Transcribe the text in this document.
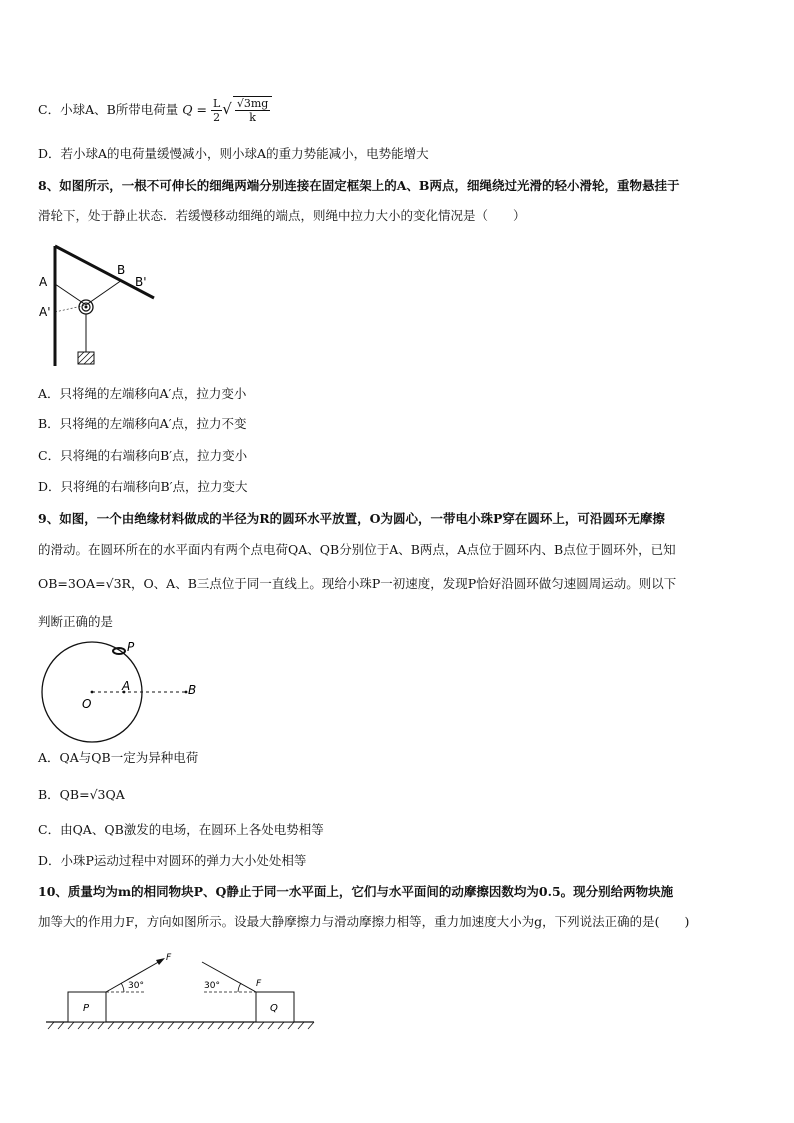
C．小球A、B所带电荷量 $Q = \frac{L}{2}$ √ $\frac{√3mg}{k}$
D．若小球A的电荷量缓慢减小，则小球A的重力势能减小，电势能增大
8、如图所示，一根不可伸长的细绳两端分别连接在固定框架上的A、B两点，细绳绕过光滑的轻小滑轮，重物悬挂于
滑轮下，处于静止状态．若缓慢移动细绳的端点，则绳中拉力大小的变化情况是（　　）
A
A'
B
B'
A．只将绳的左端移向A′点，拉力变小
B．只将绳的左端移向A′点，拉力不变
C．只将绳的右端移向B′点，拉力变小
D．只将绳的右端移向B′点，拉力变大
9、如图，一个由绝缘材料做成的半径为R的圆环水平放置，O为圆心，一带电小珠P穿在圆环上，可沿圆环无摩擦
的滑动。在圆环所在的水平面内有两个点电荷QA、QB分别位于A、B两点，A点位于圆环内、B点位于圆环外，已知
OB=3OA=√3R，O、A、B三点位于同一直线上。现给小珠P一初速度，发现P恰好沿圆环做匀速圆周运动。则以下
判断正确的是
P
A	B
O
A．QA与QB一定为异种电荷
B．QB=√3QA
C．由QA、QB激发的电场，在圆环上各处电势相等
D．小珠P运动过程中对圆环的弹力大小处处相等
10、质量均为m的相同物块P、Q静止于同一水平面上，它们与水平面间的动摩擦因数均为0.5。现分别给两物块施
加等大的作用力F，方向如图所示。设最大静摩擦力与滑动摩擦力相等，重力加速度大小为g，下列说法正确的是(　　)
P
F
30°
Q
F
30°
